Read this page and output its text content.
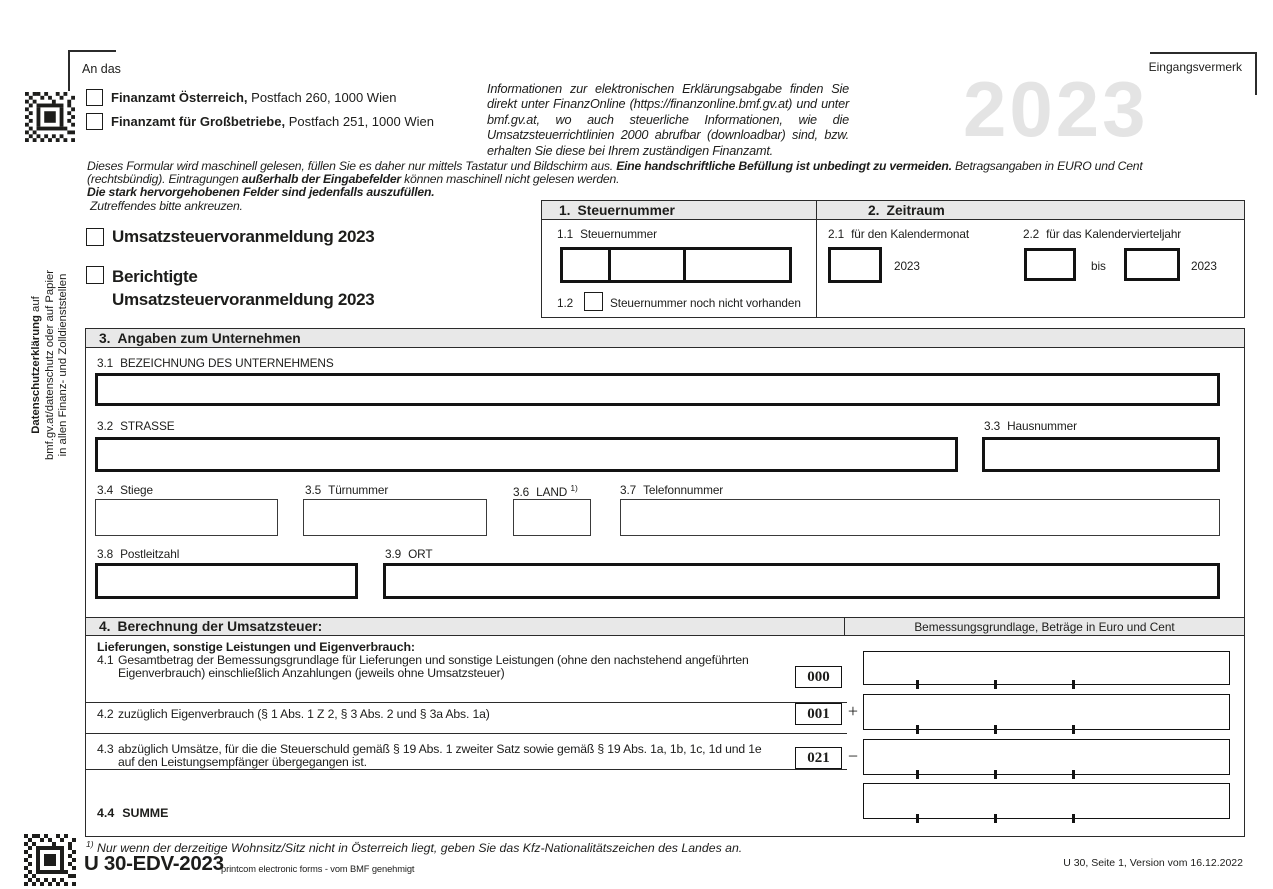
2023 Eingangsvermerk
An das
Finanzamt Österreich, Postfach 260, 1000 Wien
Finanzamt für Großbetriebe, Postfach 251, 1000 Wien
Informationen zur elektronischen Erklärungsabgabe finden Sie direkt unter FinanzOnline (https://finanzonline.bmf.gv.at) und unter bmf.gv.at, wo auch steuerliche Informationen, wie die Umsatzsteuerrichtlinien 2000 abrufbar (downloadbar) sind, bzw. erhalten Sie diese bei Ihrem zuständigen Finanzamt.
Dieses Formular wird maschinell gelesen, füllen Sie es daher nur mittels Tastatur und Bildschirm aus. Eine handschriftliche Befüllung ist unbedingt zu vermeiden. Betragsangaben in EURO und Cent
(rechtsbündig). Eintragungen außerhalb der Eingabefelder können maschinell nicht gelesen werden.
Die stark hervorgehobenen Felder sind jedenfalls auszufüllen.
Zutreffendes bitte ankreuzen.
Datenschutzerklärung auf bmf.gv.at/datenschutz oder auf Papier in allen Finanz- und Zolldienststellen
Umsatzsteuervoranmeldung 2023
Berichtigte
Umsatzsteuervoranmeldung 2023
1. Steuernummer	2. Zeitraum
1.1 Steuernummer
1.2	Steuernummer noch nicht vorhanden
2.1 für den Kalendermonat
2023
2.2 für das Kalendervierteljahr
bis	2023
3. Angaben zum Unternehmen
3.1 BEZEICHNUNG DES UNTERNEHMENS
3.2 STRASSE	3.3 Hausnummer
3.4 Stiege	3.5 Türnummer	3.6 LAND $^{1)}$	3.7 Telefonnummer
3.8 Postleitzahl	3.9 ORT
4. Berechnung der Umsatzsteuer:	Bemessungsgrundlage, Beträge in Euro und Cent
Lieferungen, sonstige Leistungen und Eigenverbrauch:
4.1 Gesamtbetrag der Bemessungsgrundlage für Lieferungen und sonstige Leistungen (ohne den nachstehend angeführten
Eigenverbrauch) einschließlich Anzahlungen (jeweils ohne Umsatzsteuer)	000
4.2 zuzüglich Eigenverbrauch (§ 1 Abs. 1 Z 2, § 3 Abs. 2 und § 3a Abs. 1a)	001	+
4.3 abzüglich Umsätze, für die die Steuerschuld gemäß § 19 Abs. 1 zweiter Satz sowie gemäß § 19 Abs. 1a, 1b, 1c, 1d und 1e
auf den Leistungsempfänger übergegangen ist.	021	−
4.4 SUMME
$^{1)}$ Nur wenn der derzeitige Wohnsitz/Sitz nicht in Österreich liegt, geben Sie das Kfz-Nationalitätszeichen des Landes an.
U 30-EDV-2023
printcom electronic forms - vom BMF genehmigt	U 30, Seite 1, Version vom 16.12.2022
